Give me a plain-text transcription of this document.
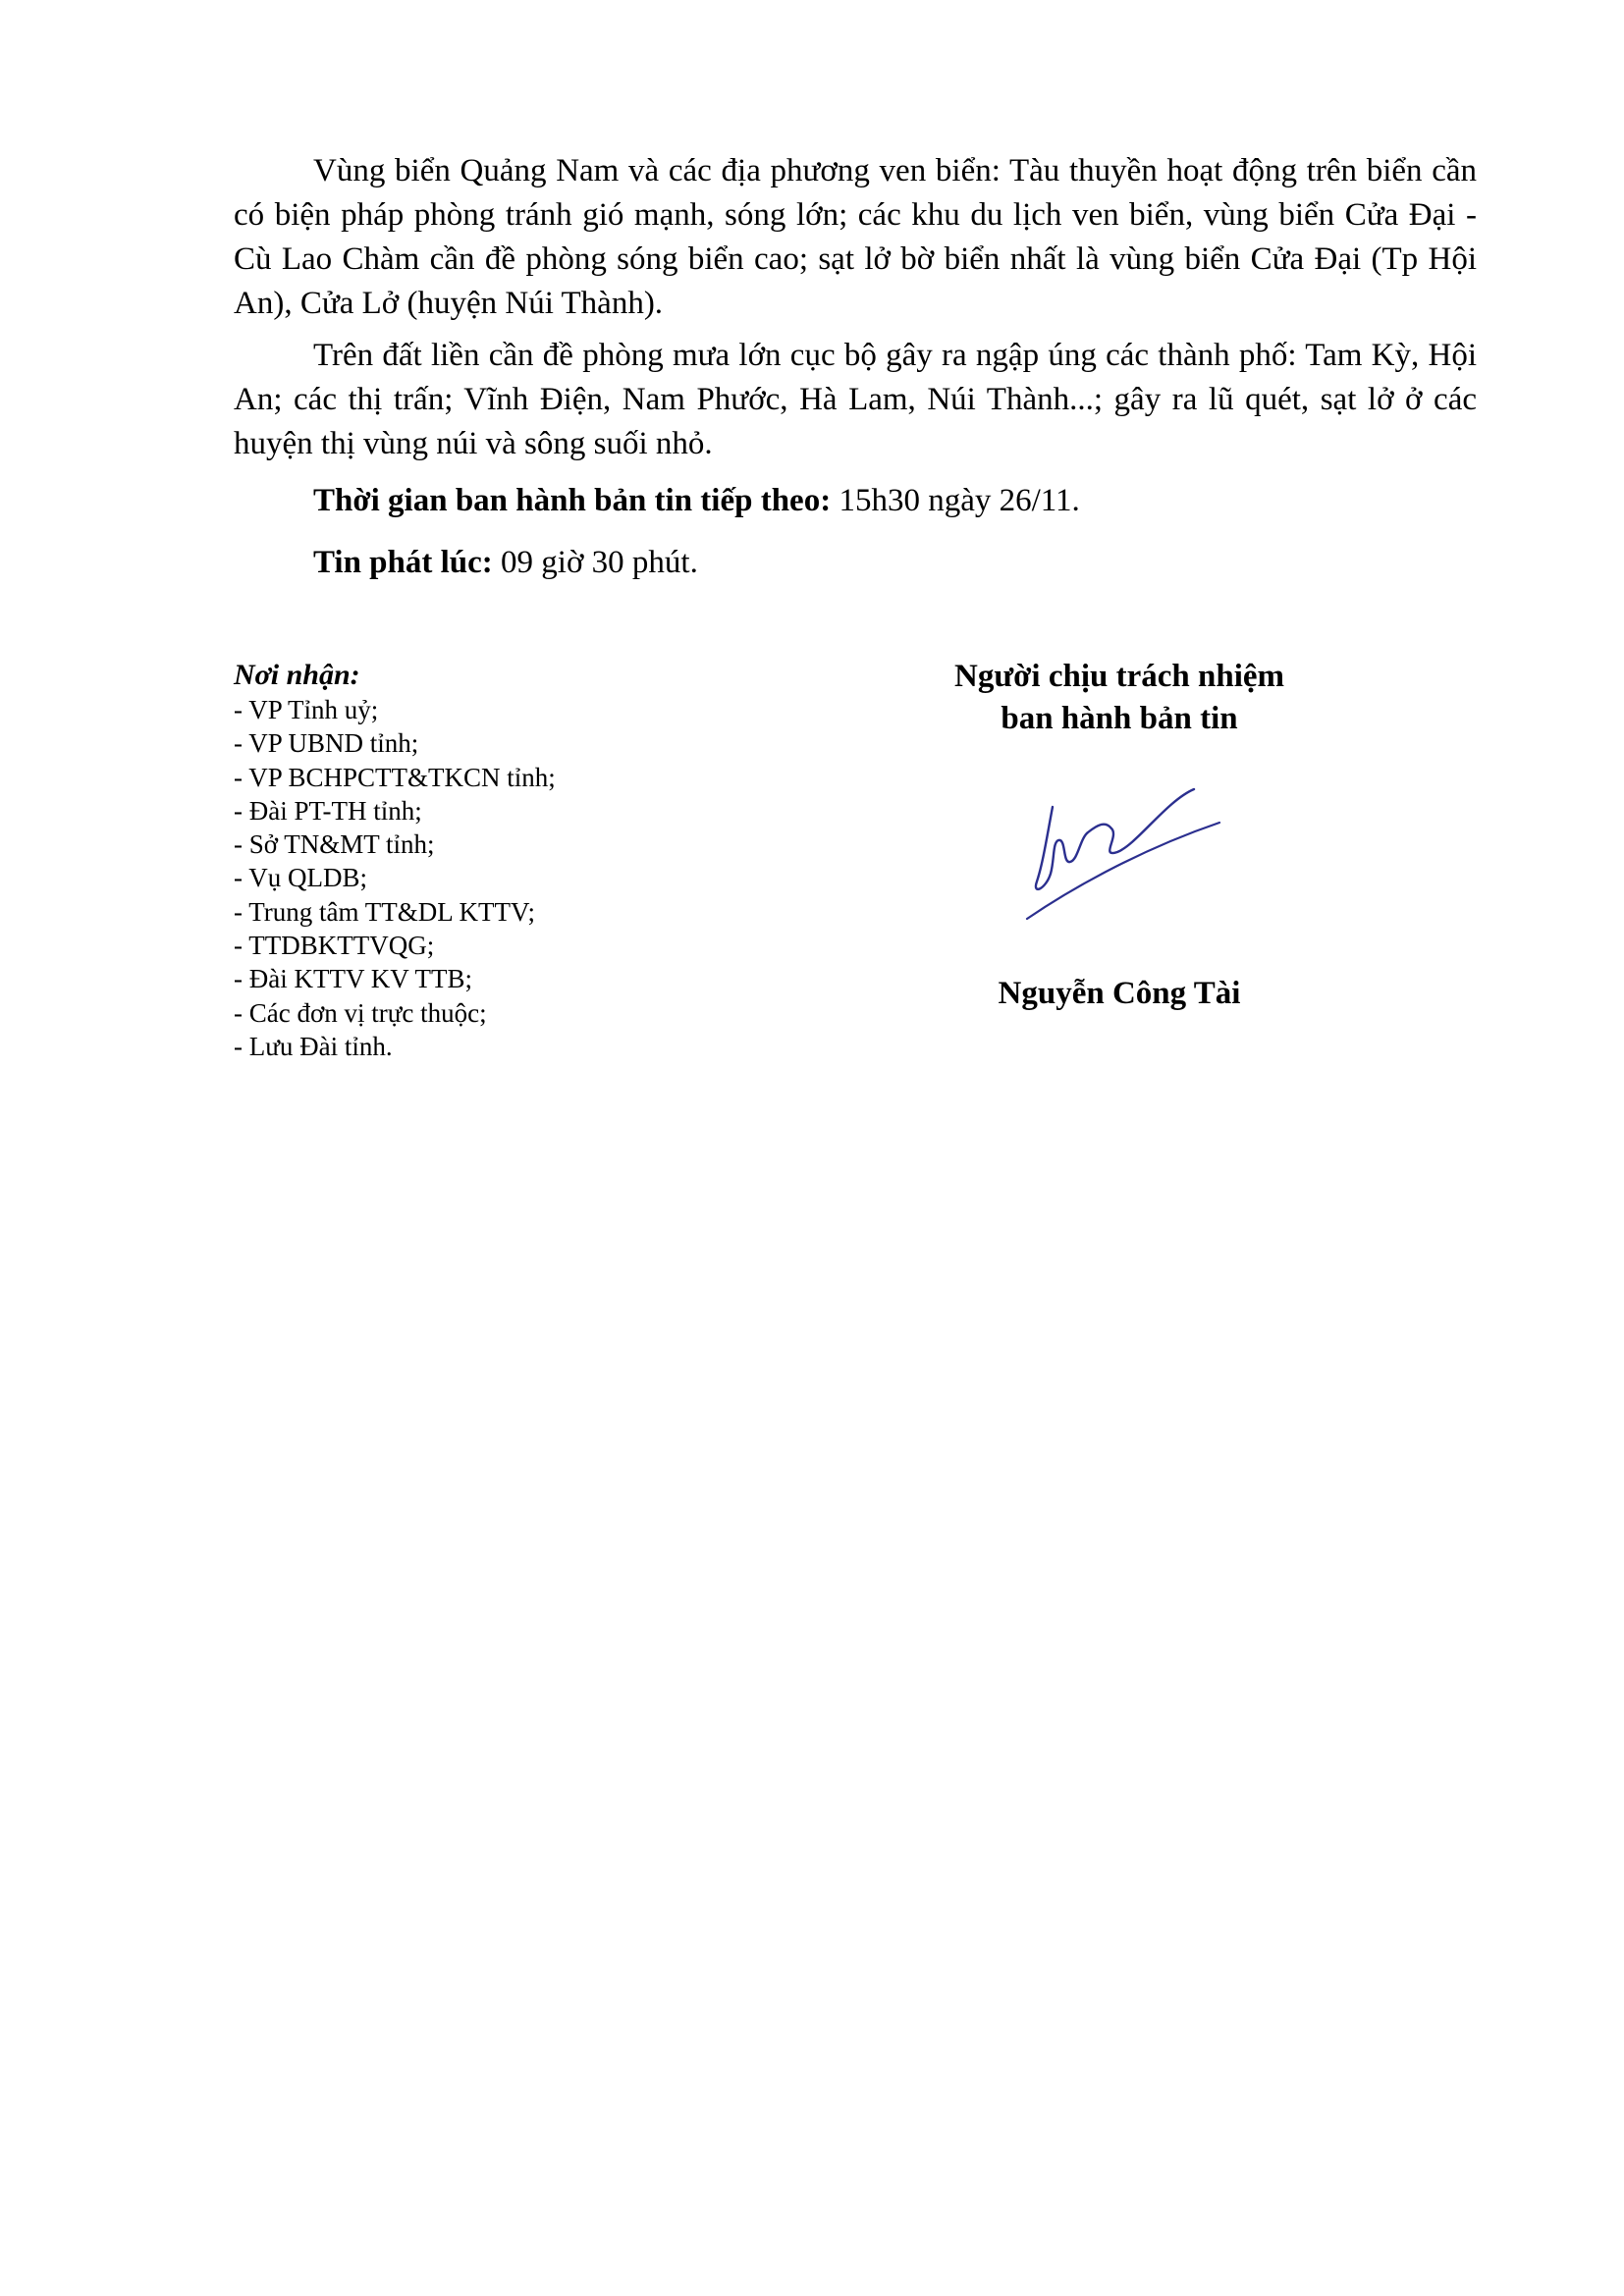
Vùng biển Quảng Nam và các địa phương ven biển: Tàu thuyền hoạt động trên biển cần có biện pháp phòng tránh gió mạnh, sóng lớn; các khu du lịch ven biển, vùng biển Cửa Đại - Cù Lao Chàm cần đề phòng sóng biển cao; sạt lở bờ biển nhất là vùng biển Cửa Đại (Tp Hội An), Cửa Lở (huyện Núi Thành).

Trên đất liền cần đề phòng mưa lớn cục bộ gây ra ngập úng các thành phố: Tam Kỳ, Hội An; các thị trấn; Vĩnh Điện, Nam Phước, Hà Lam, Núi Thành...; gây ra lũ quét, sạt lở ở các huyện thị vùng núi và sông suối nhỏ.

Thời gian ban hành bản tin tiếp theo: 15h30 ngày 26/11.

Tin phát lúc: 09 giờ 30 phút.

Nơi nhận:
- VP Tỉnh uỷ;
- VP UBND tỉnh;
- VP BCHPCTT&TKCN tỉnh;
- Đài PT-TH tỉnh;
- Sở TN&MT tỉnh;
- Vụ QLDB;
- Trung tâm TT&DL KTTV;
- TTDBKTTVQG;
- Đài KTTV KV TTB;
- Các đơn vị trực thuộc;
- Lưu Đài tỉnh.
Người chịu trách nhiệm
ban hành bản tin
Nguyễn Công Tài
